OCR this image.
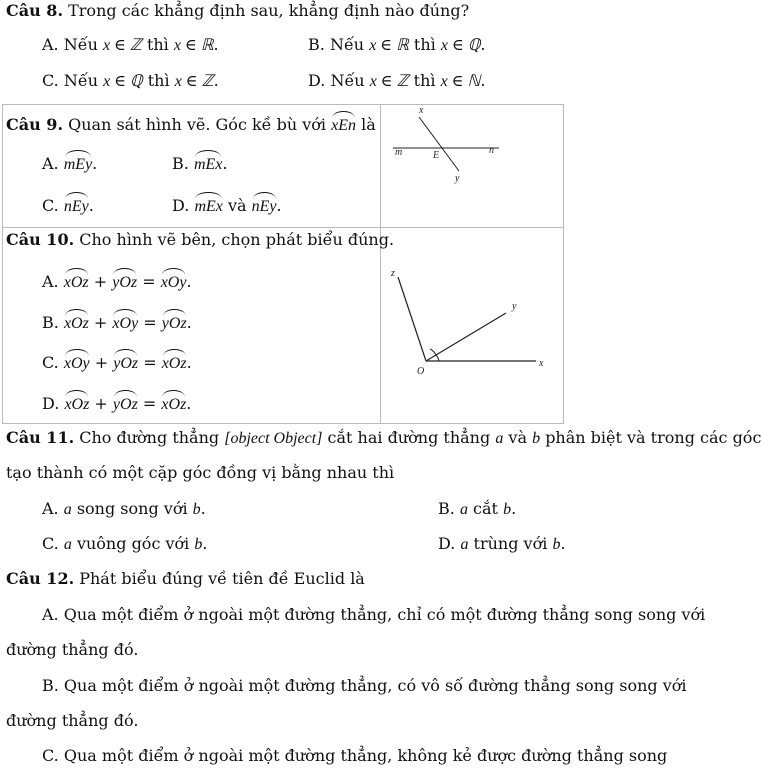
Câu 8. Trong các khẳng định sau, khẳng định nào đúng?
A. Nếu x ∈ ℤ thì x ∈ ℝ.	B. Nếu x ∈ ℝ thì x ∈ ℚ.
C. Nếu x ∈ ℚ thì x ∈ ℤ.	D. Nếu x ∈ ℤ thì x ∈ ℕ.
Câu 9. Quan sát hình vẽ. Góc kề bù với xEn là
A. mEy.	B. mEx.
C. nEy.	D. mEx và nEy.
x
m	E	n
y
Câu 10. Cho hình vẽ bên, chọn phát biểu đúng.
A. xOz + yOz = xOy.
B. xOz + xOy = yOz.
C. xOy + yOz = xOz.
D. xOz + yOz = xOz.
z
y
O
x
Câu 11. Cho đường thẳng [object Object] cắt hai đường thẳng a và b phân biệt và trong các góc
tạo thành có một cặp góc đồng vị bằng nhau thì
A. a song song với b.	B. a cắt b.
C. a vuông góc với b.	D. a trùng với b.
Câu 12. Phát biểu đúng về tiên đề Euclid là
A. Qua một điểm ở ngoài một đường thẳng, chỉ có một đường thẳng song song với
đường thẳng đó.
B. Qua một điểm ở ngoài một đường thẳng, có vô số đường thẳng song song với
đường thẳng đó.
C. Qua một điểm ở ngoài một đường thẳng, không kẻ được đường thẳng song
